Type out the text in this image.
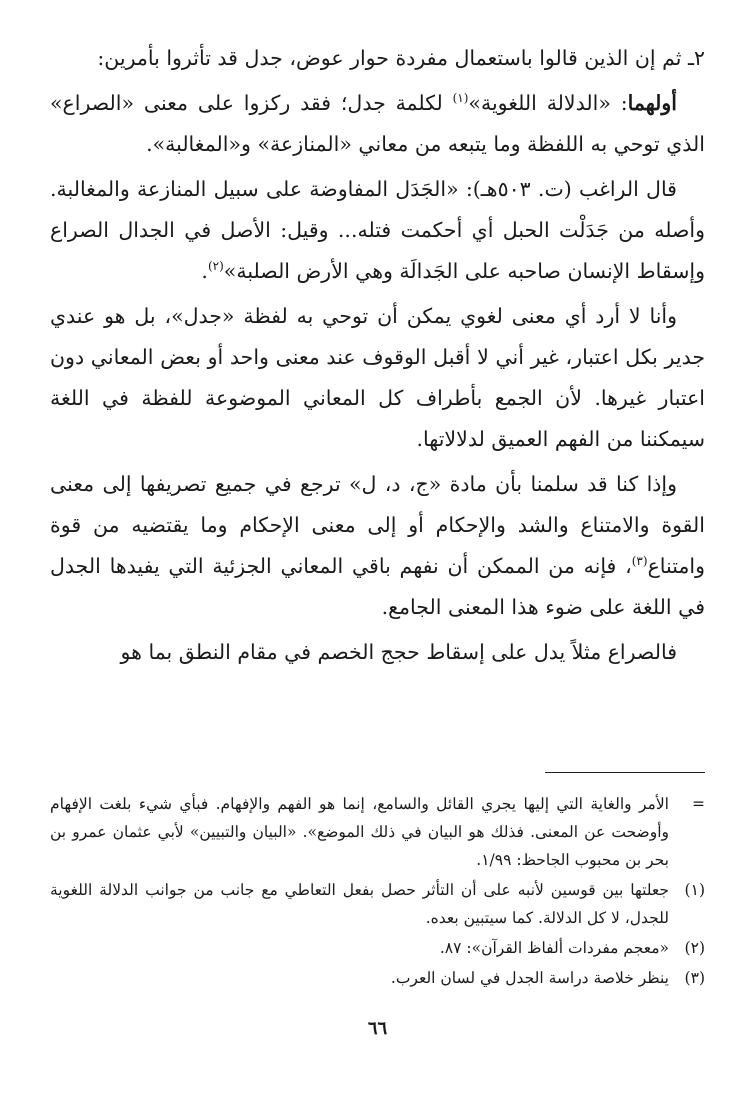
٢ـ ثم إن الذين قالوا باستعمال مفردة حوار عوض، جدل قد تأثروا بأمرين:

أولهما: «الدلالة اللغوية»$^{(١)}$ لكلمة جدل؛ فقد ركزوا على معنى «الصراع» الذي توحي به اللفظة وما يتبعه من معاني «المنازعة» و«المغالبة».

قال الراغب (ت. ٥٠٣هـ): «الجَدَل المفاوضة على سبيل المنازعة والمغالبة. وأصله من جَدَلْت الحبل أي أحكمت فتله... وقيل: الأصل في الجدال الصراع وإسقاط الإنسان صاحبه على الجَدالَة وهي الأرض الصلبة»$^{(٢)}$.

وأنا لا أرد أي معنى لغوي يمكن أن توحي به لفظة «جدل»، بل هو عندي جدير بكل اعتبار، غير أني لا أقبل الوقوف عند معنى واحد أو بعض المعاني دون اعتبار غيرها. لأن الجمع بأطراف كل المعاني الموضوعة للفظة في اللغة سيمكننا من الفهم العميق لدلالاتها.

وإذا كنا قد سلمنا بأن مادة «ج، د، ل» ترجع في جميع تصريفها إلى معنى القوة والامتناع والشد والإحكام أو إلى معنى الإحكام وما يقتضيه من قوة وامتناع$^{(٣)}$، فإنه من الممكن أن نفهم باقي المعاني الجزئية التي يفيدها الجدل في اللغة على ضوء هذا المعنى الجامع.

فالصراع مثلاً يدل على إسقاط حجج الخصم في مقام النطق بما هو

=
الأمر والغاية التي إليها يجري القائل والسامع، إنما هو الفهم والإفهام. فبأي شيء بلغت الإفهام وأوضحت عن المعنى. فذلك هو البيان في ذلك الموضع». «البيان والتبيين» لأبي عثمان عمرو بن بحر بن محبوب الجاحظ: ١/٩٩.
(١)
جعلتها بين قوسين لأنبه على أن التأثر حصل بفعل التعاطي مع جانب من جوانب الدلالة اللغوية للجدل، لا كل الدلالة. كما سيتبين بعده.
(٢)
«معجم مفردات ألفاظ القرآن»: ٨٧.
(٣)
ينظر خلاصة دراسة الجدل في لسان العرب.
٦٦
